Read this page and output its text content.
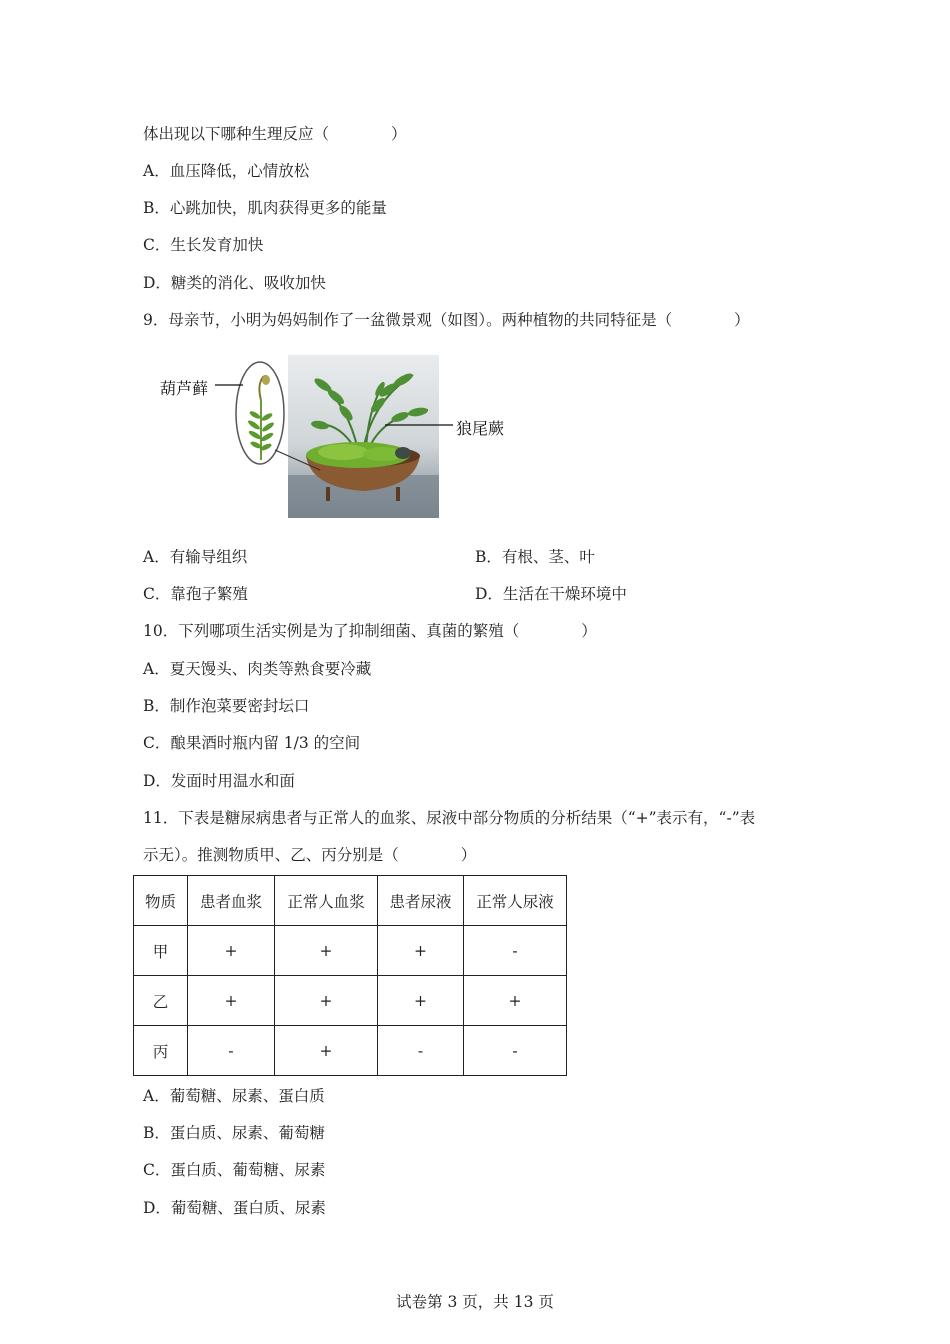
体出现以下哪种生理反应（　　　　）
A．血压降低，心情放松
B．心跳加快，肌肉获得更多的能量
C．生长发育加快
D．糖类的消化、吸收加快
9．母亲节，小明为妈妈制作了一盆微景观（如图）。两种植物的共同特征是（　　　　）
葫芦藓
狼尾蕨
A．有输导组织	B．有根、茎、叶
C．靠孢子繁殖	D．生活在干燥环境中
10．下列哪项生活实例是为了抑制细菌、真菌的繁殖（　　　　）
A．夏天馒头、肉类等熟食要冷藏
B．制作泡菜要密封坛口
C．酿果酒时瓶内留 1/3 的空间
D．发面时用温水和面
11．下表是糖尿病患者与正常人的血浆、尿液中部分物质的分析结果（“+”表示有，“-”表
示无）。推测物质甲、乙、丙分别是（　　　　）
物质	患者血浆	正常人血浆	患者尿液	正常人尿液
甲	+	+	+	-
乙	+	+	+	+
丙	-	+	-	-
A．葡萄糖、尿素、蛋白质
B．蛋白质、尿素、葡萄糖
C．蛋白质、葡萄糖、尿素
D．葡萄糖、蛋白质、尿素
试卷第 3 页，共 13 页
